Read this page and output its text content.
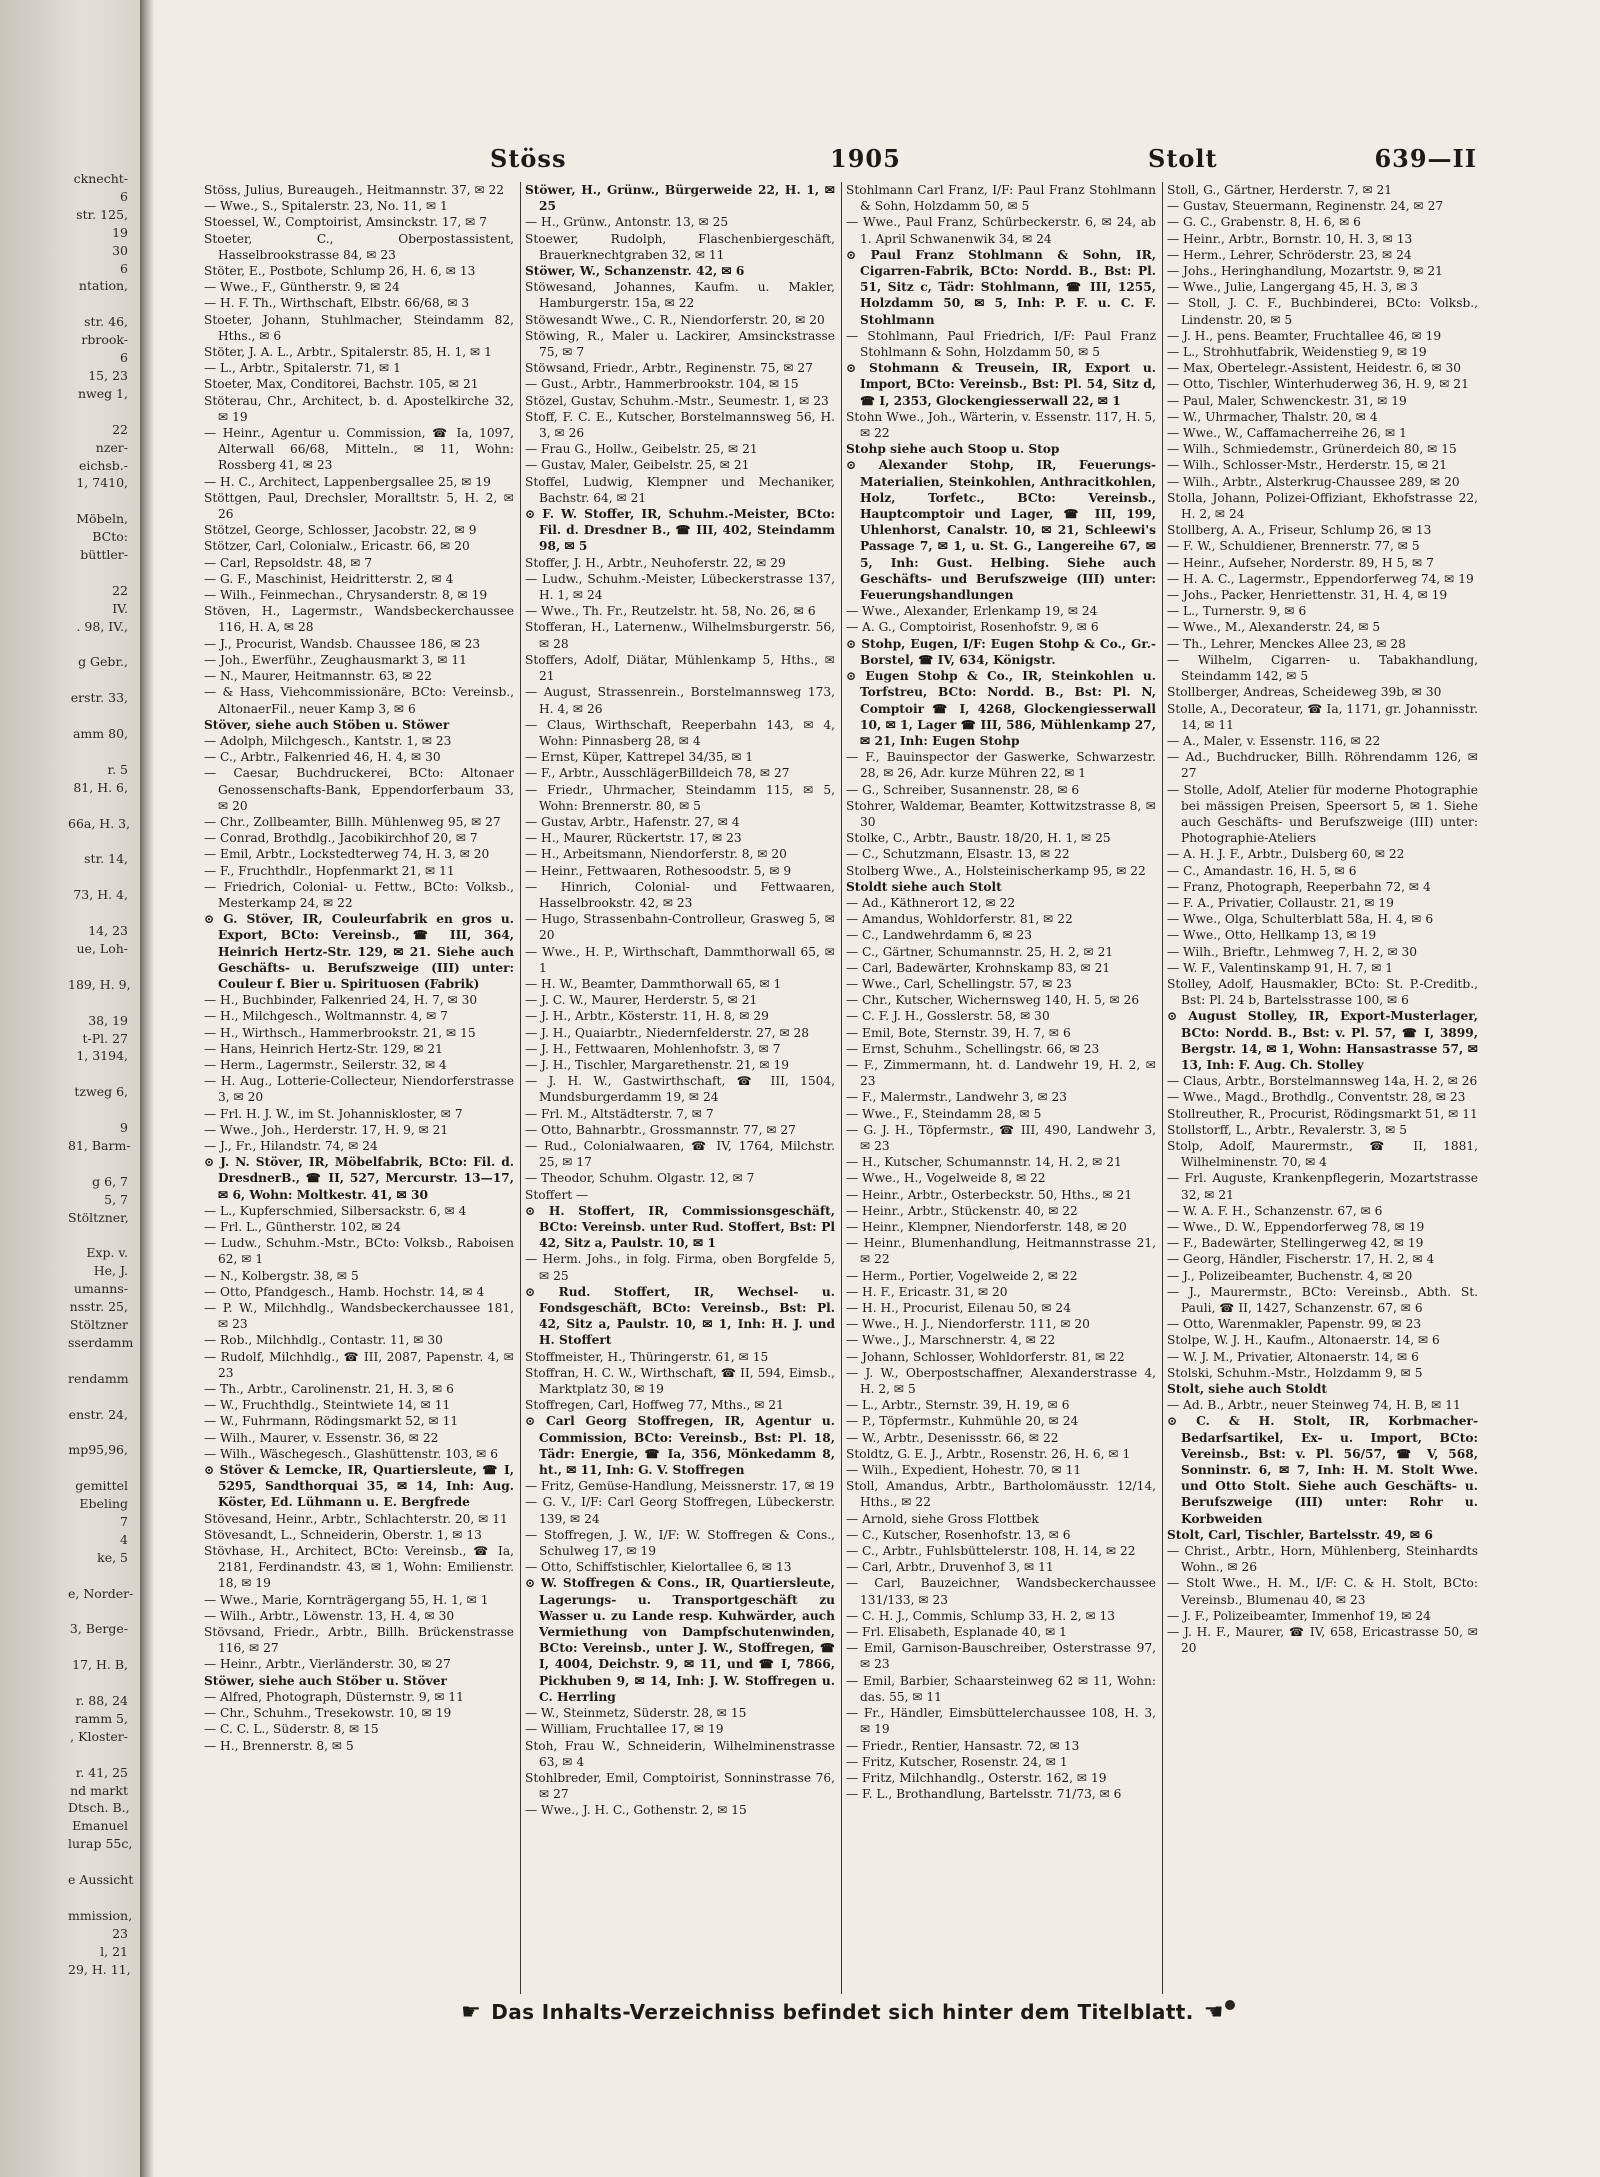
cknecht-
6
str. 125,
19
30
6
ntation,

str. 46,
rbrook-
6
15, 23
nweg 1,

22
nzer-
eichsb.-
1, 7410,

Möbeln,
BCto:
büttler-

22
IV.
. 98, IV.,

g Gebr.,

erstr. 33,

amm 80,

r. 5
81, H. 6,

66a, H. 3,

str. 14,

73, H. 4,

14, 23
ue, Loh-

189, H. 9,

38, 19
t-Pl. 27
1, 3194,

tzweg 6,

9
81, Barm-

g 6, 7
5, 7
Stöltzner,

Exp. v.
He, J.
umanns-
nsstr. 25,
Stöltzner
sserdamm

rendamm

enstr. 24,

mp95,96,

gemittel
Ebeling
7
4
ke, 5

e, Norder-

3, Berge-

17, H. B,

r. 88, 24
ramm 5,
, Kloster-

r. 41, 25
nd markt
Dtsch. B.,
Emanuel
lurap 55c,

e Aussicht

mmission,
23
l, 21
29, H. 11,

Stöss	1905	Stolt	639—II
Stöss, Julius, Bureaugeh., Heitmannstr. 37, ✉ 22
— Wwe., S., Spitalerstr. 23, No. 11, ✉ 1
Stoessel, W., Comptoirist, Amsinckstr. 17, ✉ 7
Stoeter, C., Oberpostassistent, Hasselbrookstrasse 84, ✉ 23
Stöter, E., Postbote, Schlump 26, H. 6, ✉ 13
— Wwe., F., Güntherstr. 9, ✉ 24
— H. F. Th., Wirthschaft, Elbstr. 66/68, ✉ 3
Stoeter, Johann, Stuhlmacher, Steindamm 82, Hths., ✉ 6
Stöter, J. A. L., Arbtr., Spitalerstr. 85, H. 1, ✉ 1
— L., Arbtr., Spitalerstr. 71, ✉ 1
Stoeter, Max, Conditorei, Bachstr. 105, ✉ 21
Stöterau, Chr., Architect, b. d. Apostelkirche 32, ✉ 19
— Heinr., Agentur u. Commission, ☎ Ia, 1097, Alterwall 66/68, Mitteln., ✉ 11, Wohn: Rossberg 41, ✉ 23
— H. C., Architect, Lappenbergsallee 25, ✉ 19
Stöttgen, Paul, Drechsler, Moralltstr. 5, H. 2, ✉ 26
Stötzel, George, Schlosser, Jacobstr. 22, ✉ 9
Stötzer, Carl, Colonialw., Ericastr. 66, ✉ 20
— Carl, Repsoldstr. 48, ✉ 7
— G. F., Maschinist, Heidritterstr. 2, ✉ 4
— Wilh., Feinmechan., Chrysanderstr. 8, ✉ 19
Stöven, H., Lagermstr., Wandsbeckerchaussee 116, H. A, ✉ 28
— J., Procurist, Wandsb. Chaussee 186, ✉ 23
— Joh., Ewerführ., Zeughausmarkt 3, ✉ 11
— N., Maurer, Heitmannstr. 63, ✉ 22
— & Hass, Viehcommissionäre, BCto: Vereinsb., AltonaerFil., neuer Kamp 3, ✉ 6
Stöver, siehe auch Stöben u. Stöwer
— Adolph, Milchgesch., Kantstr. 1, ✉ 23
— C., Arbtr., Falkenried 46, H. 4, ✉ 30
— Caesar, Buchdruckerei, BCto: Altonaer Genossenschafts-Bank, Eppendorferbaum 33, ✉ 20
— Chr., Zollbeamter, Billh. Mühlenweg 95, ✉ 27
— Conrad, Brothdlg., Jacobikirchhof 20, ✉ 7
— Emil, Arbtr., Lockstedterweg 74, H. 3, ✉ 20
— F., Fruchthdlr., Hopfenmarkt 21, ✉ 11
— Friedrich, Colonial- u. Fettw., BCto: Volksb., Mesterkamp 24, ✉ 22
⊙ G. Stöver, IR, Couleurfabrik en gros u. Export, BCto: Vereinsb., ☎ III, 364, Heinrich Hertz-Str. 129, ✉ 21. Siehe auch Geschäfts- u. Berufszweige (III) unter: Couleur f. Bier u. Spirituosen (Fabrik)
— H., Buchbinder, Falkenried 24, H. 7, ✉ 30
— H., Milchgesch., Woltmannstr. 4, ✉ 7
— H., Wirthsch., Hammerbrookstr. 21, ✉ 15
— Hans, Heinrich Hertz-Str. 129, ✉ 21
— Herm., Lagermstr., Seilerstr. 32, ✉ 4
— H. Aug., Lotterie-Collecteur, Niendorferstrasse 3, ✉ 20
— Frl. H. J. W., im St. Johanniskloster, ✉ 7
— Wwe., Joh., Herderstr. 17, H. 9, ✉ 21
— J., Fr., Hilandstr. 74, ✉ 24
⊙ J. N. Stöver, IR, Möbelfabrik, BCto: Fil. d. DresdnerB., ☎ II, 527, Mercurstr. 13—17, ✉ 6, Wohn: Moltkestr. 41, ✉ 30
— L., Kupferschmied, Silbersackstr. 6, ✉ 4
— Frl. L., Güntherstr. 102, ✉ 24
— Ludw., Schuhm.-Mstr., BCto: Volksb., Raboisen 62, ✉ 1
— N., Kolbergstr. 38, ✉ 5
— Otto, Pfandgesch., Hamb. Hochstr. 14, ✉ 4
— P. W., Milchhdlg., Wandsbeckerchaussee 181, ✉ 23
— Rob., Milchhdlg., Contastr. 11, ✉ 30
— Rudolf, Milchhdlg., ☎ III, 2087, Papenstr. 4, ✉ 23
— Th., Arbtr., Carolinenstr. 21, H. 3, ✉ 6
— W., Fruchthdlg., Steintwiete 14, ✉ 11
— W., Fuhrmann, Rödingsmarkt 52, ✉ 11
— Wilh., Maurer, v. Essenstr. 36, ✉ 22
— Wilh., Wäschegesch., Glashüttenstr. 103, ✉ 6
⊙ Stöver & Lemcke, IR, Quartiersleute, ☎ I, 5295, Sandthorquai 35, ✉ 14, Inh: Aug. Köster, Ed. Lühmann u. E. Bergfrede
Stövesand, Heinr., Arbtr., Schlachterstr. 20, ✉ 11
Stövesandt, L., Schneiderin, Oberstr. 1, ✉ 13
Stövhase, H., Architect, BCto: Vereinsb., ☎ Ia, 2181, Ferdinandstr. 43, ✉ 1, Wohn: Emilienstr. 18, ✉ 19
— Wwe., Marie, Kornträgergang 55, H. 1, ✉ 1
— Wilh., Arbtr., Löwenstr. 13, H. 4, ✉ 30
Stövsand, Friedr., Arbtr., Billh. Brückenstrasse 116, ✉ 27
— Heinr., Arbtr., Vierländerstr. 30, ✉ 27
Stöwer, siehe auch Stöber u. Stöver
— Alfred, Photograph, Düsternstr. 9, ✉ 11
— Chr., Schuhm., Tresekowstr. 10, ✉ 19
— C. C. L., Süderstr. 8, ✉ 15
— H., Brennerstr. 8, ✉ 5
Stöwer, H., Grünw., Bürgerweide 22, H. 1, ✉ 25
— H., Grünw., Antonstr. 13, ✉ 25
Stoewer, Rudolph, Flaschenbiergeschäft, Brauerknechtgraben 32, ✉ 11
Stöwer, W., Schanzenstr. 42, ✉ 6
Stöwesand, Johannes, Kaufm. u. Makler, Hamburgerstr. 15a, ✉ 22
Stöwesandt Wwe., C. R., Niendorferstr. 20, ✉ 20
Stöwing, R., Maler u. Lackirer, Amsinckstrasse 75, ✉ 7
Stöwsand, Friedr., Arbtr., Reginenstr. 75, ✉ 27
— Gust., Arbtr., Hammerbrookstr. 104, ✉ 15
Stözel, Gustav, Schuhm.-Mstr., Seumestr. 1, ✉ 23
Stoff, F. C. E., Kutscher, Borstelmannsweg 56, H. 3, ✉ 26
— Frau G., Hollw., Geibelstr. 25, ✉ 21
— Gustav, Maler, Geibelstr. 25, ✉ 21
Stoffel, Ludwig, Klempner und Mechaniker, Bachstr. 64, ✉ 21
⊙ F. W. Stoffer, IR, Schuhm.-Meister, BCto: Fil. d. Dresdner B., ☎ III, 402, Steindamm 98, ✉ 5
Stoffer, J. H., Arbtr., Neuhoferstr. 22, ✉ 29
— Ludw., Schuhm.-Meister, Lübeckerstrasse 137, H. 1, ✉ 24
— Wwe., Th. Fr., Reutzelstr. ht. 58, No. 26, ✉ 6
Stofferan, H., Laternenw., Wilhelmsburgerstr. 56, ✉ 28
Stoffers, Adolf, Diätar, Mühlenkamp 5, Hths., ✉ 21
— August, Strassenrein., Borstelmannsweg 173, H. 4, ✉ 26
— Claus, Wirthschaft, Reeperbahn 143, ✉ 4, Wohn: Pinnasberg 28, ✉ 4
— Ernst, Küper, Kattrepel 34/35, ✉ 1
— F., Arbtr., AusschlägerBilldeich 78, ✉ 27
— Friedr., Uhrmacher, Steindamm 115, ✉ 5, Wohn: Brennerstr. 80, ✉ 5
— Gustav, Arbtr., Hafenstr. 27, ✉ 4
— H., Maurer, Rückertstr. 17, ✉ 23
— H., Arbeitsmann, Niendorferstr. 8, ✉ 20
— Heinr., Fettwaaren, Rothesoodstr. 5, ✉ 9
— Hinrich, Colonial- und Fettwaaren, Hasselbrookstr. 42, ✉ 23
— Hugo, Strassenbahn-Controlleur, Grasweg 5, ✉ 20
— Wwe., H. P., Wirthschaft, Dammthorwall 65, ✉ 1
— H. W., Beamter, Dammthorwall 65, ✉ 1
— J. C. W., Maurer, Herderstr. 5, ✉ 21
— J. H., Arbtr., Kösterstr. 11, H. 8, ✉ 29
— J. H., Quaiarbtr., Niedernfelderstr. 27, ✉ 28
— J. H., Fettwaaren, Mohlenhofstr. 3, ✉ 7
— J. H., Tischler, Margarethenstr. 21, ✉ 19
— J. H. W., Gastwirthschaft, ☎ III, 1504, Mundsburgerdamm 19, ✉ 24
— Frl. M., Altstädterstr. 7, ✉ 7
— Otto, Bahnarbtr., Grossmannstr. 77, ✉ 27
— Rud., Colonialwaaren, ☎ IV, 1764, Milchstr. 25, ✉ 17
— Theodor, Schuhm. Olgastr. 12, ✉ 7
Stoffert —
⊙ H. Stoffert, IR, Commissionsgeschäft, BCto: Vereinsb. unter Rud. Stoffert, Bst: Pl 42, Sitz a, Paulstr. 10, ✉ 1
— Herm. Johs., in folg. Firma, oben Borgfelde 5, ✉ 25
⊙ Rud. Stoffert, IR, Wechsel- u. Fondsgeschäft, BCto: Vereinsb., Bst: Pl. 42, Sitz a, Paulstr. 10, ✉ 1, Inh: H. J. und H. Stoffert
Stoffmeister, H., Thüringerstr. 61, ✉ 15
Stoffran, H. C. W., Wirthschaft, ☎ II, 594, Eimsb., Marktplatz 30, ✉ 19
Stoffregen, Carl, Hoffweg 77, Mths., ✉ 21
⊙ Carl Georg Stoffregen, IR, Agentur u. Commission, BCto: Vereinsb., Bst: Pl. 18, Tädr: Energie, ☎ Ia, 356, Mönkedamm 8, ht., ✉ 11, Inh: G. V. Stoffregen
— Fritz, Gemüse-Handlung, Meissnerstr. 17, ✉ 19
— G. V., I/F: Carl Georg Stoffregen, Lübeckerstr. 139, ✉ 24
— Stoffregen, J. W., I/F: W. Stoffregen & Cons., Schulweg 17, ✉ 19
— Otto, Schiffstischler, Kielortallee 6, ✉ 13
⊙ W. Stoffregen & Cons., IR, Quartiersleute, Lagerungs- u. Transportgeschäft zu Wasser u. zu Lande resp. Kuhwärder, auch Vermiethung von Dampfschutenwinden, BCto: Vereinsb., unter J. W., Stoffregen, ☎ I, 4004, Deichstr. 9, ✉ 11, und ☎ I, 7866, Pickhuben 9, ✉ 14, Inh: J. W. Stoffregen u. C. Herrling
— W., Steinmetz, Süderstr. 28, ✉ 15
— William, Fruchtallee 17, ✉ 19
Stoh, Frau W., Schneiderin, Wilhelminenstrasse 63, ✉ 4
Stohlbreder, Emil, Comptoirist, Sonninstrasse 76, ✉ 27
— Wwe., J. H. C., Gothenstr. 2, ✉ 15
Stohlmann Carl Franz, I/F: Paul Franz Stohlmann & Sohn, Holzdamm 50, ✉ 5
— Wwe., Paul Franz, Schürbeckerstr. 6, ✉ 24, ab 1. April Schwanenwik 34, ✉ 24
⊙ Paul Franz Stohlmann & Sohn, IR, Cigarren-Fabrik, BCto: Nordd. B., Bst: Pl. 51, Sitz c, Tädr: Stohlmann, ☎ III, 1255, Holzdamm 50, ✉ 5, Inh: P. F. u. C. F. Stohlmann
— Stohlmann, Paul Friedrich, I/F: Paul Franz Stohlmann & Sohn, Holzdamm 50, ✉ 5
⊙ Stohmann & Treusein, IR, Export u. Import, BCto: Vereinsb., Bst: Pl. 54, Sitz d, ☎ I, 2353, Glockengiesserwall 22, ✉ 1
Stohn Wwe., Joh., Wärterin, v. Essenstr. 117, H. 5, ✉ 22
Stohp siehe auch Stoop u. Stop
⊙ Alexander Stohp, IR, Feuerungs-Materialien, Steinkohlen, Anthracitkohlen, Holz, Torfetc., BCto: Vereinsb., Hauptcomptoir und Lager, ☎ III, 199, Uhlenhorst, Canalstr. 10, ✉ 21, Schleewi's Passage 7, ✉ 1, u. St. G., Langereihe 67, ✉ 5, Inh: Gust. Helbing. Siehe auch Geschäfts- und Berufszweige (III) unter: Feuerungshandlungen
— Wwe., Alexander, Erlenkamp 19, ✉ 24
— A. G., Comptoirist, Rosenhofstr. 9, ✉ 6
⊙ Stohp, Eugen, I/F: Eugen Stohp & Co., Gr.-Borstel, ☎ IV, 634, Königstr.
⊙ Eugen Stohp & Co., IR, Steinkohlen u. Torfstreu, BCto: Nordd. B., Bst: Pl. N, Comptoir ☎ I, 4268, Glockengiesserwall 10, ✉ 1, Lager ☎ III, 586, Mühlenkamp 27, ✉ 21, Inh: Eugen Stohp
— F., Bauinspector der Gaswerke, Schwarzestr. 28, ✉ 26, Adr. kurze Mühren 22, ✉ 1
— G., Schreiber, Susannenstr. 28, ✉ 6
Stohrer, Waldemar, Beamter, Kottwitzstrasse 8, ✉ 30
Stolke, C., Arbtr., Baustr. 18/20, H. 1, ✉ 25
— C., Schutzmann, Elsastr. 13, ✉ 22
Stolberg Wwe., A., Holsteinischerkamp 95, ✉ 22
Stoldt siehe auch Stolt
— Ad., Käthnerort 12, ✉ 22
— Amandus, Wohldorferstr. 81, ✉ 22
— C., Landwehrdamm 6, ✉ 23
— C., Gärtner, Schumannstr. 25, H. 2, ✉ 21
— Carl, Badewärter, Krohnskamp 83, ✉ 21
— Wwe., Carl, Schellingstr. 57, ✉ 23
— Chr., Kutscher, Wichernsweg 140, H. 5, ✉ 26
— C. F. J. H., Gosslerstr. 58, ✉ 30
— Emil, Bote, Sternstr. 39, H. 7, ✉ 6
— Ernst, Schuhm., Schellingstr. 66, ✉ 23
— F., Zimmermann, ht. d. Landwehr 19, H. 2, ✉ 23
— F., Malermstr., Landwehr 3, ✉ 23
— Wwe., F., Steindamm 28, ✉ 5
— G. J. H., Töpfermstr., ☎ III, 490, Landwehr 3, ✉ 23
— H., Kutscher, Schumannstr. 14, H. 2, ✉ 21
— Wwe., H., Vogelweide 8, ✉ 22
— Heinr., Arbtr., Osterbeckstr. 50, Hths., ✉ 21
— Heinr., Arbtr., Stückenstr. 40, ✉ 22
— Heinr., Klempner, Niendorferstr. 148, ✉ 20
— Heinr., Blumenhandlung, Heitmannstrasse 21, ✉ 22
— Herm., Portier, Vogelweide 2, ✉ 22
— H. F., Ericastr. 31, ✉ 20
— H. H., Procurist, Eilenau 50, ✉ 24
— Wwe., H. J., Niendorferstr. 111, ✉ 20
— Wwe., J., Marschnerstr. 4, ✉ 22
— Johann, Schlosser, Wohldorferstr. 81, ✉ 22
— J. W., Oberpostschaffner, Alexanderstrasse 4, H. 2, ✉ 5
— L., Arbtr., Sternstr. 39, H. 19, ✉ 6
— P., Töpfermstr., Kuhmühle 20, ✉ 24
— W., Arbtr., Desenissstr. 66, ✉ 22
Stoldtz, G. E. J., Arbtr., Rosenstr. 26, H. 6, ✉ 1
— Wilh., Expedient, Hohestr. 70, ✉ 11
Stoll, Amandus, Arbtr., Bartholomäusstr. 12/14, Hths., ✉ 22
— Arnold, siehe Gross Flottbek
— C., Kutscher, Rosenhofstr. 13, ✉ 6
— C., Arbtr., Fuhlsbüttelerstr. 108, H. 14, ✉ 22
— Carl, Arbtr., Druvenhof 3, ✉ 11
— Carl, Bauzeichner, Wandsbeckerchaussee 131/133, ✉ 23
— C. H. J., Commis, Schlump 33, H. 2, ✉ 13
— Frl. Elisabeth, Esplanade 40, ✉ 1
— Emil, Garnison-Bauschreiber, Osterstrasse 97, ✉ 23
— Emil, Barbier, Schaarsteinweg 62 ✉ 11, Wohn: das. 55, ✉ 11
— Fr., Händler, Eimsbüttelerchaussee 108, H. 3, ✉ 19
— Friedr., Rentier, Hansastr. 72, ✉ 13
— Fritz, Kutscher, Rosenstr. 24, ✉ 1
— Fritz, Milchhandlg., Osterstr. 162, ✉ 19
— F. L., Brothandlung, Bartelsstr. 71/73, ✉ 6
Stoll, G., Gärtner, Herderstr. 7, ✉ 21
— Gustav, Steuermann, Reginenstr. 24, ✉ 27
— G. C., Grabenstr. 8, H. 6, ✉ 6
— Heinr., Arbtr., Bornstr. 10, H. 3, ✉ 13
— Herm., Lehrer, Schröderstr. 23, ✉ 24
— Johs., Heringhandlung, Mozartstr. 9, ✉ 21
— Wwe., Julie, Langergang 45, H. 3, ✉ 3
— Stoll, J. C. F., Buchbinderei, BCto: Volksb., Lindenstr. 20, ✉ 5
— J. H., pens. Beamter, Fruchtallee 46, ✉ 19
— L., Strohhutfabrik, Weidenstieg 9, ✉ 19
— Max, Obertelegr.-Assistent, Heidestr. 6, ✉ 30
— Otto, Tischler, Winterhuderweg 36, H. 9, ✉ 21
— Paul, Maler, Schwenckestr. 31, ✉ 19
— W., Uhrmacher, Thalstr. 20, ✉ 4
— Wwe., W., Caffamacherreihe 26, ✉ 1
— Wilh., Schmiedemstr., Grünerdeich 80, ✉ 15
— Wilh., Schlosser-Mstr., Herderstr. 15, ✉ 21
— Wilh., Arbtr., Alsterkrug-Chaussee 289, ✉ 20
Stolla, Johann, Polizei-Offiziant, Ekhofstrasse 22, H. 2, ✉ 24
Stollberg, A. A., Friseur, Schlump 26, ✉ 13
— F. W., Schuldiener, Brennerstr. 77, ✉ 5
— Heinr., Aufseher, Norderstr. 89, H 5, ✉ 7
— H. A. C., Lagermstr., Eppendorferweg 74, ✉ 19
— Johs., Packer, Henriettenstr. 31, H. 4, ✉ 19
— L., Turnerstr. 9, ✉ 6
— Wwe., M., Alexanderstr. 24, ✉ 5
— Th., Lehrer, Menckes Allee 23, ✉ 28
— Wilhelm, Cigarren- u. Tabakhandlung, Steindamm 142, ✉ 5
Stollberger, Andreas, Scheideweg 39b, ✉ 30
Stolle, A., Decorateur, ☎ Ia, 1171, gr. Johannisstr. 14, ✉ 11
— A., Maler, v. Essenstr. 116, ✉ 22
— Ad., Buchdrucker, Billh. Röhrendamm 126, ✉ 27
— Stolle, Adolf, Atelier für moderne Photographie bei mässigen Preisen, Speersort 5, ✉ 1. Siehe auch Geschäfts- und Berufszweige (III) unter: Photographie-Ateliers
— A. H. J. F., Arbtr., Dulsberg 60, ✉ 22
— C., Amandastr. 16, H. 5, ✉ 6
— Franz, Photograph, Reeperbahn 72, ✉ 4
— F. A., Privatier, Collaustr. 21, ✉ 19
— Wwe., Olga, Schulterblatt 58a, H. 4, ✉ 6
— Wwe., Otto, Hellkamp 13, ✉ 19
— Wilh., Brieftr., Lehmweg 7, H. 2, ✉ 30
— W. F., Valentinskamp 91, H. 7, ✉ 1
Stolley, Adolf, Hausmakler, BCto: St. P.-Creditb., Bst: Pl. 24 b, Bartelsstrasse 100, ✉ 6
⊙ August Stolley, IR, Export-Musterlager, BCto: Nordd. B., Bst: v. Pl. 57, ☎ I, 3899, Bergstr. 14, ✉ 1, Wohn: Hansastrasse 57, ✉ 13, Inh: F. Aug. Ch. Stolley
— Claus, Arbtr., Borstelmannsweg 14a, H. 2, ✉ 26
— Wwe., Magd., Brothdlg., Conventstr. 28, ✉ 23
Stollreuther, R., Procurist, Rödingsmarkt 51, ✉ 11
Stollstorff, L., Arbtr., Revalerstr. 3, ✉ 5
Stolp, Adolf, Maurermstr., ☎ II, 1881, Wilhelminenstr. 70, ✉ 4
— Frl. Auguste, Krankenpflegerin, Mozartstrasse 32, ✉ 21
— W. A. F. H., Schanzenstr. 67, ✉ 6
— Wwe., D. W., Eppendorferweg 78, ✉ 19
— F., Badewärter, Stellingerweg 42, ✉ 19
— Georg, Händler, Fischerstr. 17, H. 2, ✉ 4
— J., Polizeibeamter, Buchenstr. 4, ✉ 20
— J., Maurermstr., BCto: Vereinsb., Abth. St. Pauli, ☎ II, 1427, Schanzenstr. 67, ✉ 6
— Otto, Warenmakler, Papenstr. 99, ✉ 23
Stolpe, W. J. H., Kaufm., Altonaerstr. 14, ✉ 6
— W. J. M., Privatier, Altonaerstr. 14, ✉ 6
Stolski, Schuhm.-Mstr., Holzdamm 9, ✉ 5
Stolt, siehe auch Stoldt
— Ad. B., Arbtr., neuer Steinweg 74, H. B, ✉ 11
⊙ C. & H. Stolt, IR, Korbmacher-Bedarfsartikel, Ex- u. Import, BCto: Vereinsb., Bst: v. Pl. 56/57, ☎ V, 568, Sonninstr. 6, ✉ 7, Inh: H. M. Stolt Wwe. und Otto Stolt. Siehe auch Geschäfts- u. Berufszweige (III) unter: Rohr u. Korbweiden
Stolt, Carl, Tischler, Bartelsstr. 49, ✉ 6
— Christ., Arbtr., Horn, Mühlenberg, Steinhardts Wohn., ✉ 26
— Stolt Wwe., H. M., I/F: C. & H. Stolt, BCto: Vereinsb., Blumenau 40, ✉ 23
— J. F., Polizeibeamter, Immenhof 19, ✉ 24
— J. H. F., Maurer, ☎ IV, 658, Ericastrasse 50, ✉ 20
☛ Das Inhalts-Verzeichniss befindet sich hinter dem Titelblatt. ☚
